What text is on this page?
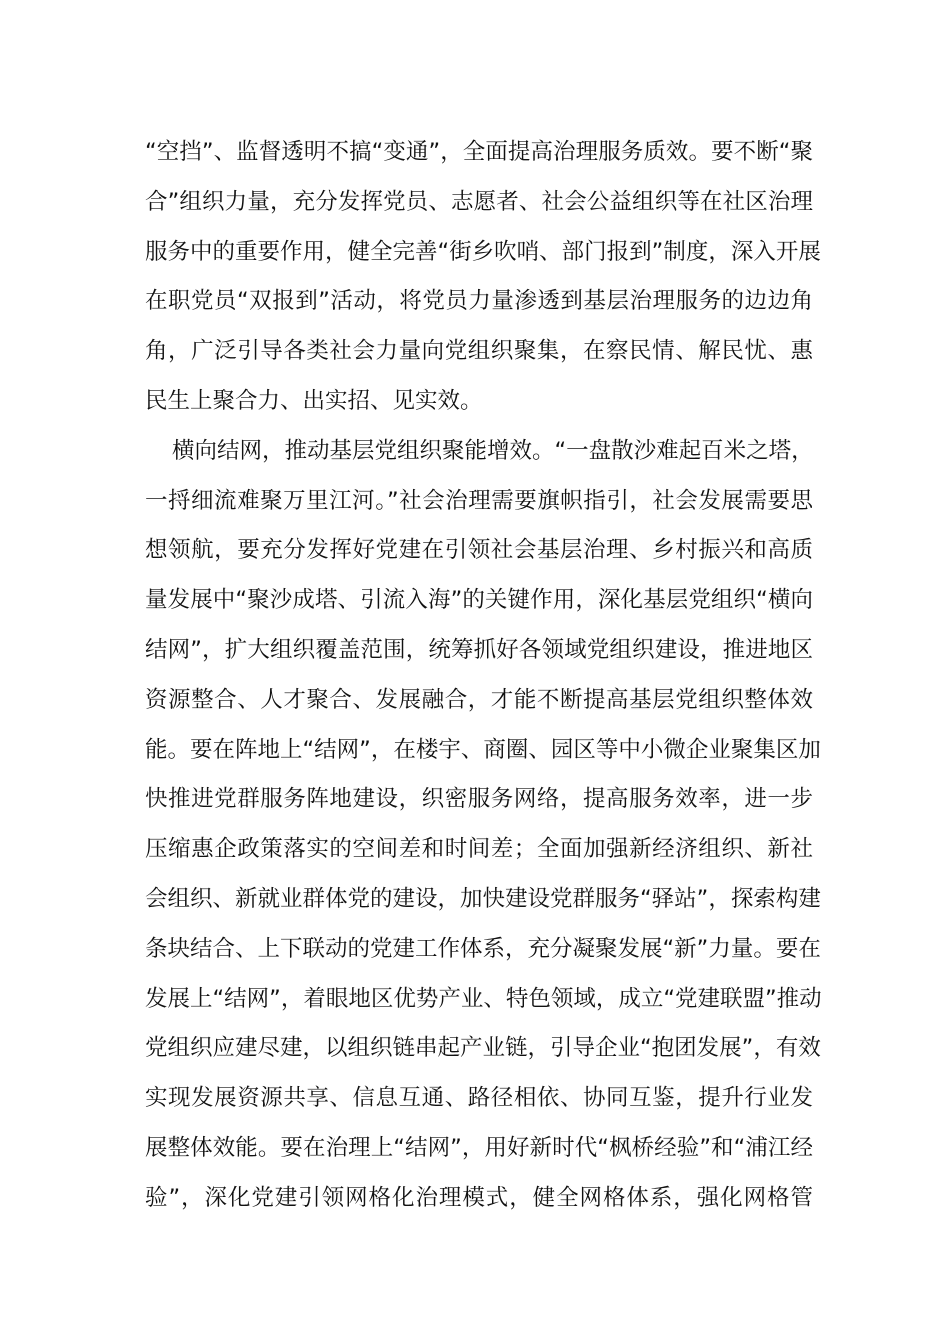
“空挡”、监督透明不搞“变通”，全面提高治理服务质效。要不断“聚
合”组织力量，充分发挥党员、志愿者、社会公益组织等在社区治理
服务中的重要作用，健全完善“街乡吹哨、部门报到”制度，深入开展
在职党员“双报到”活动，将党员力量渗透到基层治理服务的边边角
角，广泛引导各类社会力量向党组织聚集，在察民情、解民忧、惠
民生上聚合力、出实招、见实效。
横向结网，推动基层党组织聚能增效。“一盘散沙难起百米之塔，
一捋细流难聚万里江河。”社会治理需要旗帜指引，社会发展需要思
想领航，要充分发挥好党建在引领社会基层治理、乡村振兴和高质
量发展中“聚沙成塔、引流入海”的关键作用，深化基层党组织“横向
结网”，扩大组织覆盖范围，统筹抓好各领域党组织建设，推进地区
资源整合、人才聚合、发展融合，才能不断提高基层党组织整体效
能。要在阵地上“结网”，在楼宇、商圈、园区等中小微企业聚集区加
快推进党群服务阵地建设，织密服务网络，提高服务效率，进一步
压缩惠企政策落实的空间差和时间差；全面加强新经济组织、新社
会组织、新就业群体党的建设，加快建设党群服务“驿站”，探索构建
条块结合、上下联动的党建工作体系，充分凝聚发展“新”力量。要在
发展上“结网”，着眼地区优势产业、特色领域，成立“党建联盟”推动
党组织应建尽建，以组织链串起产业链，引导企业“抱团发展”，有效
实现发展资源共享、信息互通、路径相依、协同互鉴，提升行业发
展整体效能。要在治理上“结网”，用好新时代“枫桥经验”和“浦江经
验”，深化党建引领网格化治理模式，健全网格体系，强化网格管
